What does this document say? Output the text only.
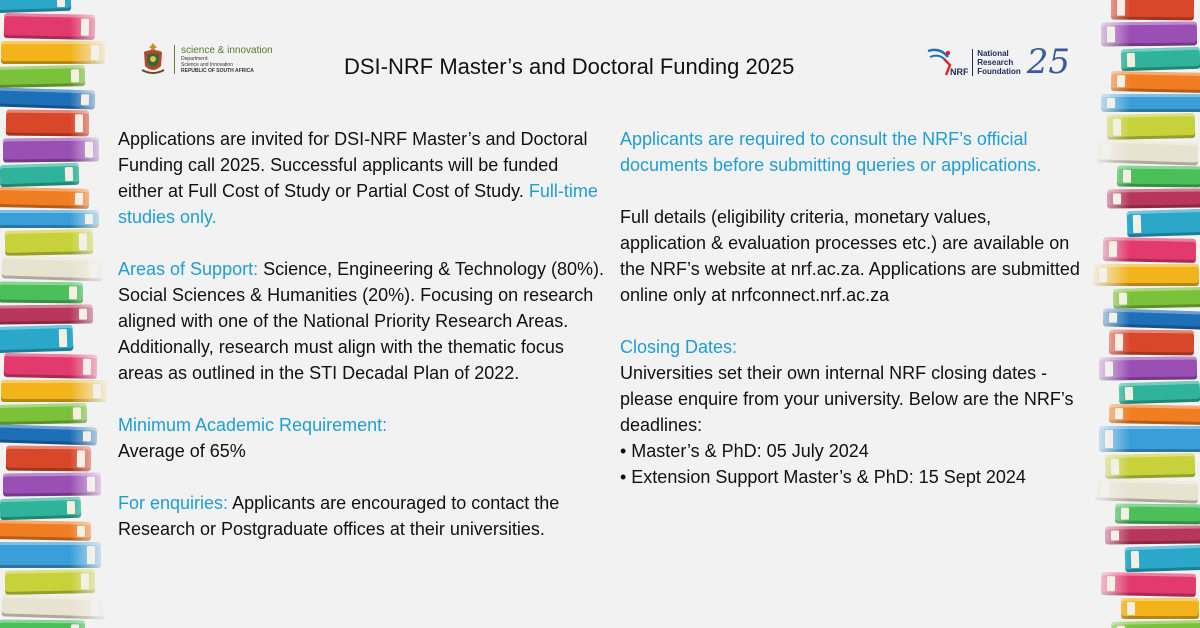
science & innovation
Department:
Science and Innovation
REPUBLIC OF SOUTH AFRICA	DSI-NRF Master’s and Doctoral Funding 2025	NRF
National
Research
Foundation 25

Applications are invited for DSI-NRF Master’s and Doctoral Funding call 2025. Successful applicants will be funded either at Full Cost of Study or Partial Cost of Study. Full-time studies only.

Areas of Support: Science, Engineering & Technology (80%). Social Sciences & Humanities (20%). Focusing on research aligned with one of the National Priority Research Areas. Additionally, research must align with the thematic focus areas as outlined in the STI Decadal Plan of 2022.

Minimum Academic Requirement:
Average of 65%

For enquiries: Applicants are encouraged to contact the Research or Postgraduate offices at their universities.

Applicants are required to consult the NRF’s official documents before submitting queries or applications.

Full details (eligibility criteria, monetary values, application & evaluation processes etc.) are available on the NRF’s website at nrf.ac.za. Applications are submitted online only at nrfconnect.nrf.ac.za

Closing Dates:
Universities set their own internal NRF closing dates - please enquire from your university. Below are the NRF’s deadlines:
• Master’s & PhD: 05 July 2024
• Extension Support Master’s & PhD: 15 Sept 2024
